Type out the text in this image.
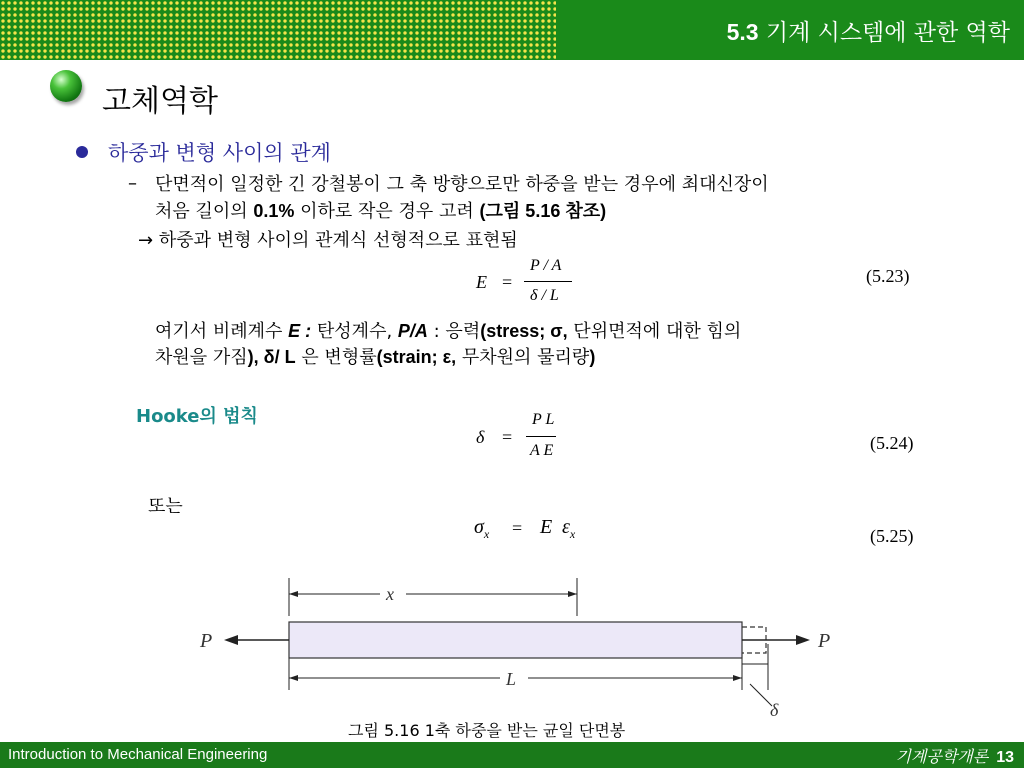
5.3 기계 시스템에 관한 역학
고체역학
하중과 변형 사이의 관계
– 단면적이 일정한 긴 강철봉이 그 축 방향으로만 하중을 받는 경우에 최대신장이
처음 길이의 0.1% 이하로 작은 경우 고려 (그림 5.16 참조)
→ 하중과 변형 사이의 관계식 선형적으로 표현됨
E =
P / A
δ / L
(5.23)
여기서 비례계수 E : 탄성계수, P/A : 응력(stress; σ, 단위면적에 대한 힘의
차원을 가짐), δ/ L 은 변형률(strain; ε, 무차원의 물리량)
Hooke의 법칙
δ =
P L
A E	(5.24)
또는
$\sigma_x = E$ $\varepsilon_x$	(5.25)
P	P
x
L
δ
그림 5.16 1축 하중을 받는 균일 단면봉
Introduction to Mechanical Engineering	기계공학개론 13
